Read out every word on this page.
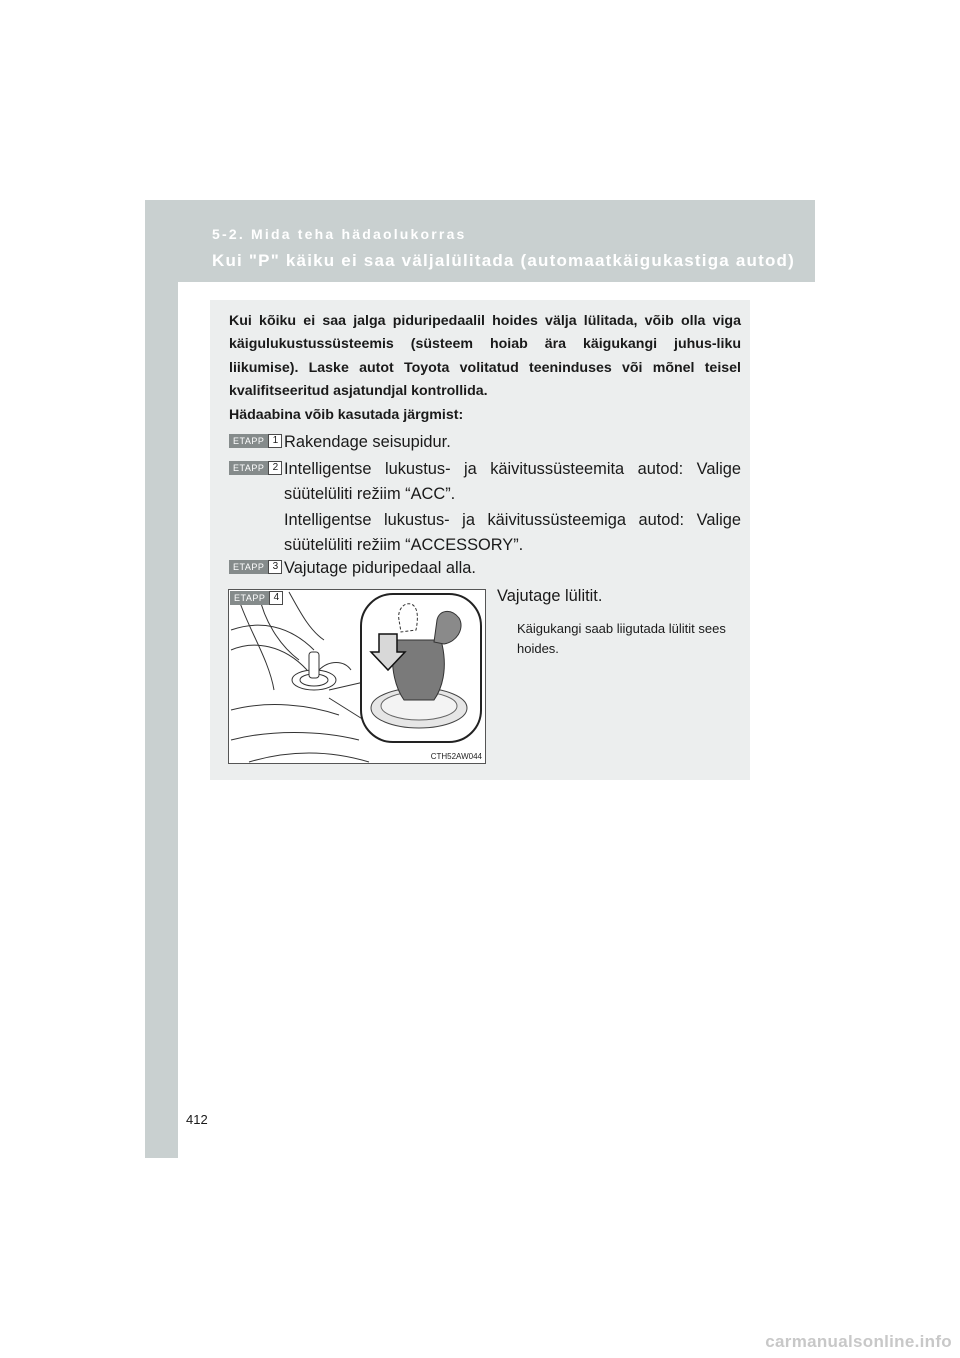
5-2. Mida teha hädaolukorras
Kui "P" käiku ei saa väljalülitada (automaatkäigukastiga autod)

Kui kõiku ei saa jalga piduripedaalil hoides välja lülitada, võib olla viga käigulukustussüsteemis (süsteem hoiab ära käigukangi juhus-liku liikumise). Laske autot Toyota volitatud teeninduses või mõnel teisel kvalifitseeritud asjatundjal kontrollida.

Hädaabina võib kasutada järgmist:

ETAPP 1 Rakendage seisupidur.
ETAPP 2 Intelligentse lukustus- ja käivitussüsteemita autod: Valige süütelüliti režiim “ACC”.
Intelligentse lukustus- ja käivitussüsteemiga autod: Valige süütelüliti režiim “ACCESSORY”.
ETAPP 3 Vajutage piduripedaal alla.
ETAPP 4
CTH52AW044
Vajutage lülitit.
Käigukangi saab liigutada lülitit sees hoides.
412
carmanualsonline.info
